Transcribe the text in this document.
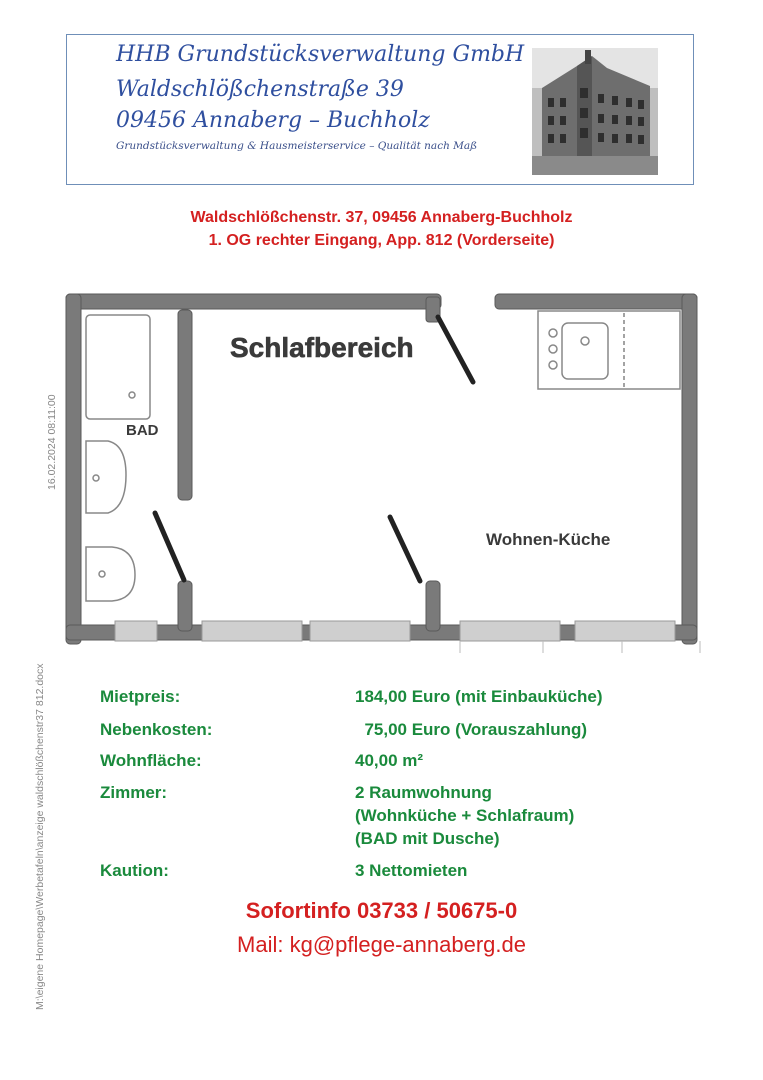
HHB Grundstücksverwaltung GmbH
Waldschlößchenstraße 39
09456 Annaberg – Buchholz
Grundstücksverwaltung & Hausmeisterservice – Qualität nach Maß
Waldschlößchenstr. 37, 09456 Annaberg-Buchholz
1. OG rechter Eingang, App. 812 (Vorderseite)
M:\eigene Homepage\Werbetafeln\anzeige waldschlößchenstr37 812.docx
16.02.2024 08:11:00
Schlafbereich
BAD
Wohnen-Küche
Mietpreis:	184,00 Euro (mit Einbauküche)
Nebenkosten:	75,00 Euro (Vorauszahlung)
Wohnfläche:	40,00 m²
Zimmer:	2 Raumwohnung
(Wohnküche + Schlafraum)
(BAD mit Dusche)
Kaution:	3 Nettomieten
Sofortinfo 03733 / 50675-0
Mail: kg@pflege-annaberg.de
